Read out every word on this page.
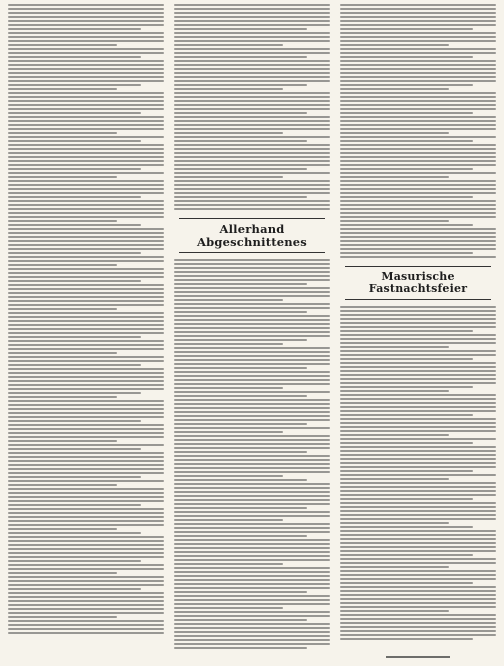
Allerhand Abgeschnittenes
Masurische Fastnachtsfeier
